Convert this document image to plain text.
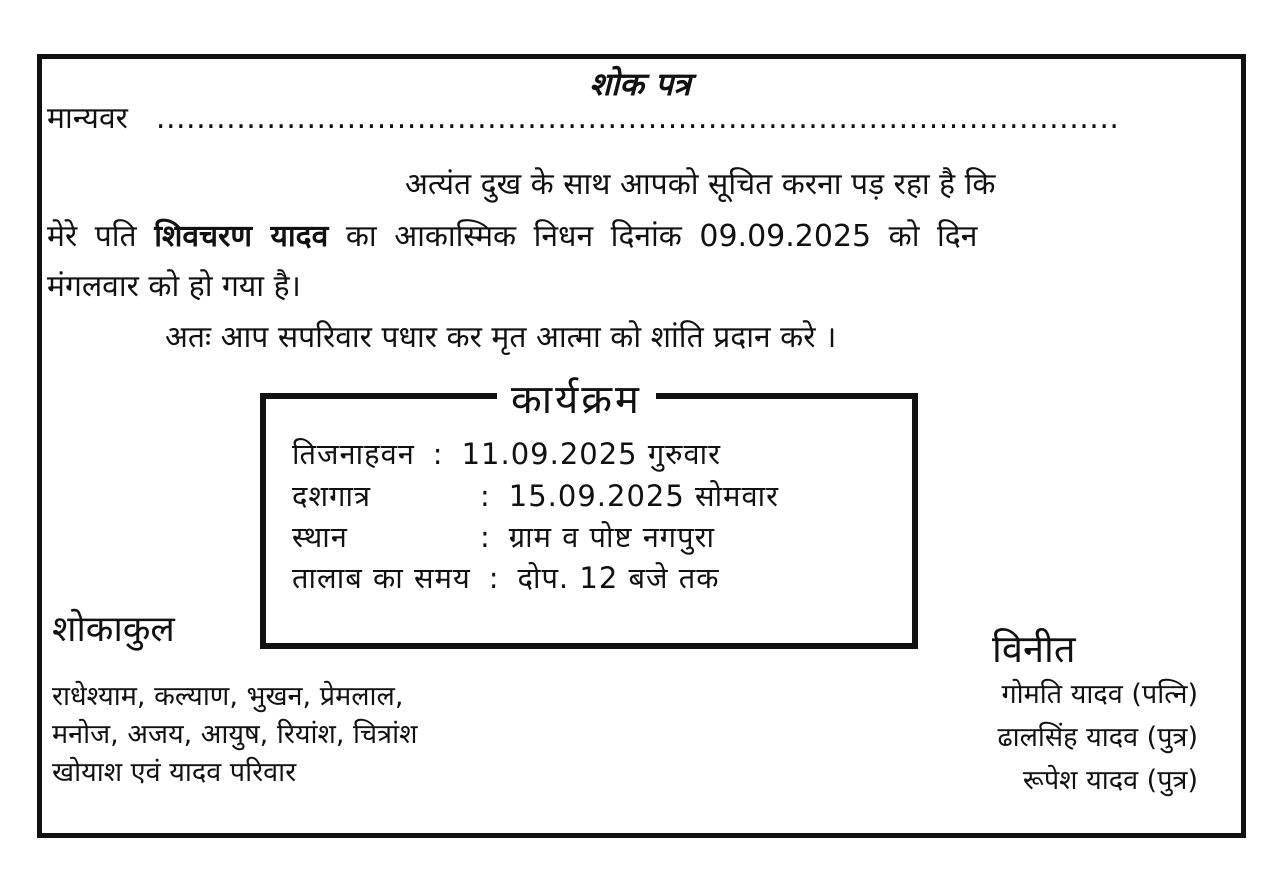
शोक पत्र
मान्यवर ................................................................................................
अत्यंत दुख के साथ आपको सूचित करना पड़ रहा है कि
मेरे पति शिवचरण यादव का आकास्मिक निधन दिनांक 09.09.2025 को दिन
मंगलवार को हो गया है।
अतः आप सपरिवार पधार कर मृत आत्मा को शांति प्रदान करे ।
कार्यक्रम
तिजनाहवन : 11.09.2025 गुरुवार
दशगात्र	: 15.09.2025 सोमवार
स्थान	: ग्राम व पोष्ट नगपुरा
तालाब का समय : दोप. 12 बजे तक
शोकाकुल
राधेश्याम, कल्याण, भुखन, प्रेमलाल,
मनोज, अजय, आयुष, रियांश, चित्रांश
खोयाश एवं यादव परिवार
विनीत
गोमति यादव (पत्नि)
ढालसिंह यादव (पुत्र)
रूपेश यादव (पुत्र)
